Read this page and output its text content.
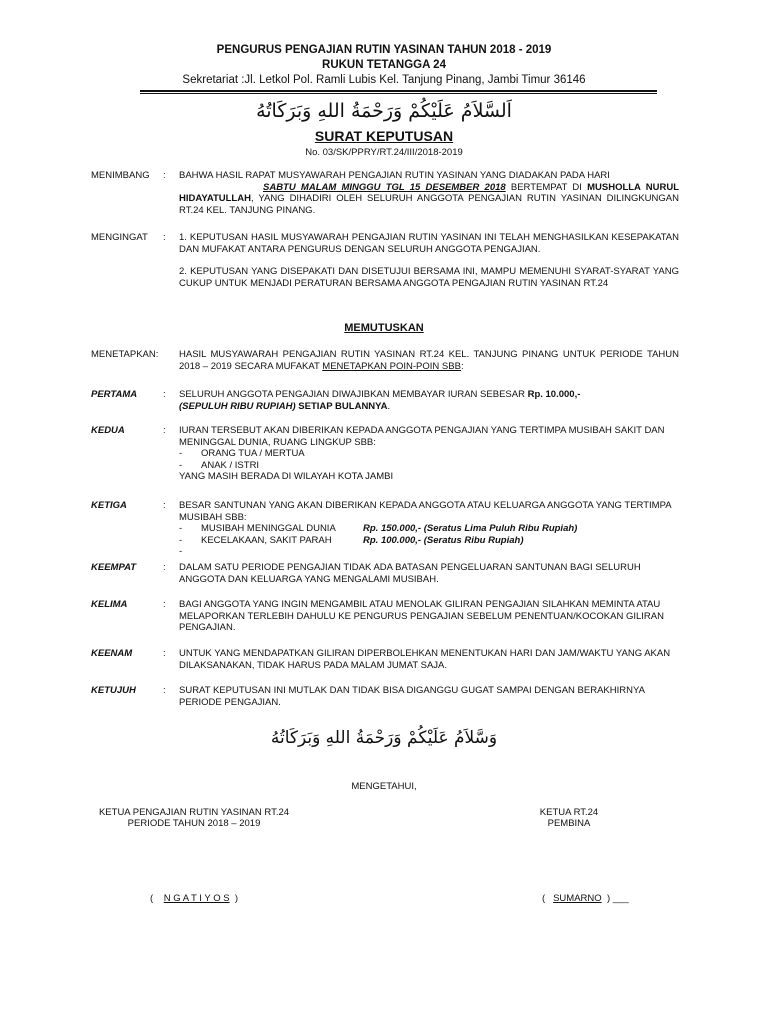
PENGURUS PENGAJIAN RUTIN YASINAN TAHUN 2018 - 2019
RUKUN TETANGGA 24
Sekretariat :Jl. Letkol Pol. Ramli Lubis Kel. Tanjung Pinang, Jambi Timur 36146
اَلسَّلاَمُ عَلَيْكُمْ وَرَحْمَةُ اللهِ وَبَرَكَاتُهُ
SURAT KEPUTUSAN
No. 03/SK/PPRY/RT.24/III/2018-2019
MENIMBANG : BAHWA HASIL RAPAT MUSYAWARAH PENGAJIAN RUTIN YASINAN YANG DIADAKAN PADA HARI
SABTU MALAM MINGGU TGL 15 DESEMBER 2018 BERTEMPAT DI MUSHOLLA NURUL HIDAYATULLAH, YANG DIHADIRI OLEH SELURUH ANGGOTA PENGAJIAN RUTIN YASINAN DILINGKUNGAN RT.24 KEL. TANJUNG PINANG.
MENGINGAT : 1. KEPUTUSAN HASIL MUSYAWARAH PENGAJIAN RUTIN YASINAN INI TELAH MENGHASILKAN KESEPAKATAN DAN MUFAKAT ANTARA PENGURUS DENGAN SELURUH ANGGOTA PENGAJIAN.
2. KEPUTUSAN YANG DISEPAKATI DAN DISETUJUI BERSAMA INI, MAMPU MEMENUHI SYARAT-SYARAT YANG CUKUP UNTUK MENJADI PERATURAN BERSAMA ANGGOTA PENGAJIAN RUTIN YASINAN RT.24
MEMUTUSKAN
MENETAPKAN: HASIL MUSYAWARAH PENGAJIAN RUTIN YASINAN RT.24 KEL. TANJUNG PINANG UNTUK PERIODE TAHUN 2018 – 2019 SECARA MUFAKAT MENETAPKAN POIN-POIN SBB:
PERTAMA	: SELURUH ANGGOTA PENGAJIAN DIWAJIBKAN MEMBAYAR IURAN SEBESAR Rp. 10.000,-
(SEPULUH RIBU RUPIAH) SETIAP BULANNYA.
KEDUA	: IURAN TERSEBUT AKAN DIBERIKAN KEPADA ANGGOTA PENGAJIAN YANG TERTIMPA MUSIBAH SAKIT DAN MENINGGAL DUNIA, RUANG LINGKUP SBB:
- ORANG TUA / MERTUA
- ANAK / ISTRI
YANG MASIH BERADA DI WILAYAH KOTA JAMBI
KETIGA	: BESAR SANTUNAN YANG AKAN DIBERIKAN KEPADA ANGGOTA ATAU KELUARGA ANGGOTA YANG TERTIMPA MUSIBAH SBB:
- MUSIBAH MENINGGAL DUNIA	Rp. 150.000,- (Seratus Lima Puluh Ribu Rupiah)
- KECELAKAAN, SAKIT PARAH	Rp. 100.000,- (Seratus Ribu Rupiah)
-
KEEMPAT	: DALAM SATU PERIODE PENGAJIAN TIDAK ADA BATASAN PENGELUARAN SANTUNAN BAGI SELURUH ANGGOTA DAN KELUARGA YANG MENGALAMI MUSIBAH.
KELIMA	: BAGI ANGGOTA YANG INGIN MENGAMBIL ATAU MENOLAK GILIRAN PENGAJIAN SILAHKAN MEMINTA ATAU MELAPORKAN TERLEBIH DAHULU KE PENGURUS PENGAJIAN SEBELUM PENENTUAN/KOCOKAN GILIRAN PENGAJIAN.
KEENAM	: UNTUK YANG MENDAPATKAN GILIRAN DIPERBOLEHKAN MENENTUKAN HARI DAN JAM/WAKTU YANG AKAN DILAKSANAKAN, TIDAK HARUS PADA MALAM JUMAT SAJA.
KETUJUH	: SURAT KEPUTUSAN INI MUTLAK DAN TIDAK BISA DIGANGGU GUGAT SAMPAI DENGAN BERAKHIRNYA PERIODE PENGAJIAN.
وَسَّلاَمُ عَلَيْكُمْ وَرَحْمَةُ اللهِ وَبَرَكَاتُهُ
MENGETAHUI,
KETUA PENGAJIAN RUTIN YASINAN RT.24
PERIODE TAHUN 2018 – 2019
KETUA RT.24
PEMBINA
( N G A T I Y O S )	( SUMARNO ) ___
